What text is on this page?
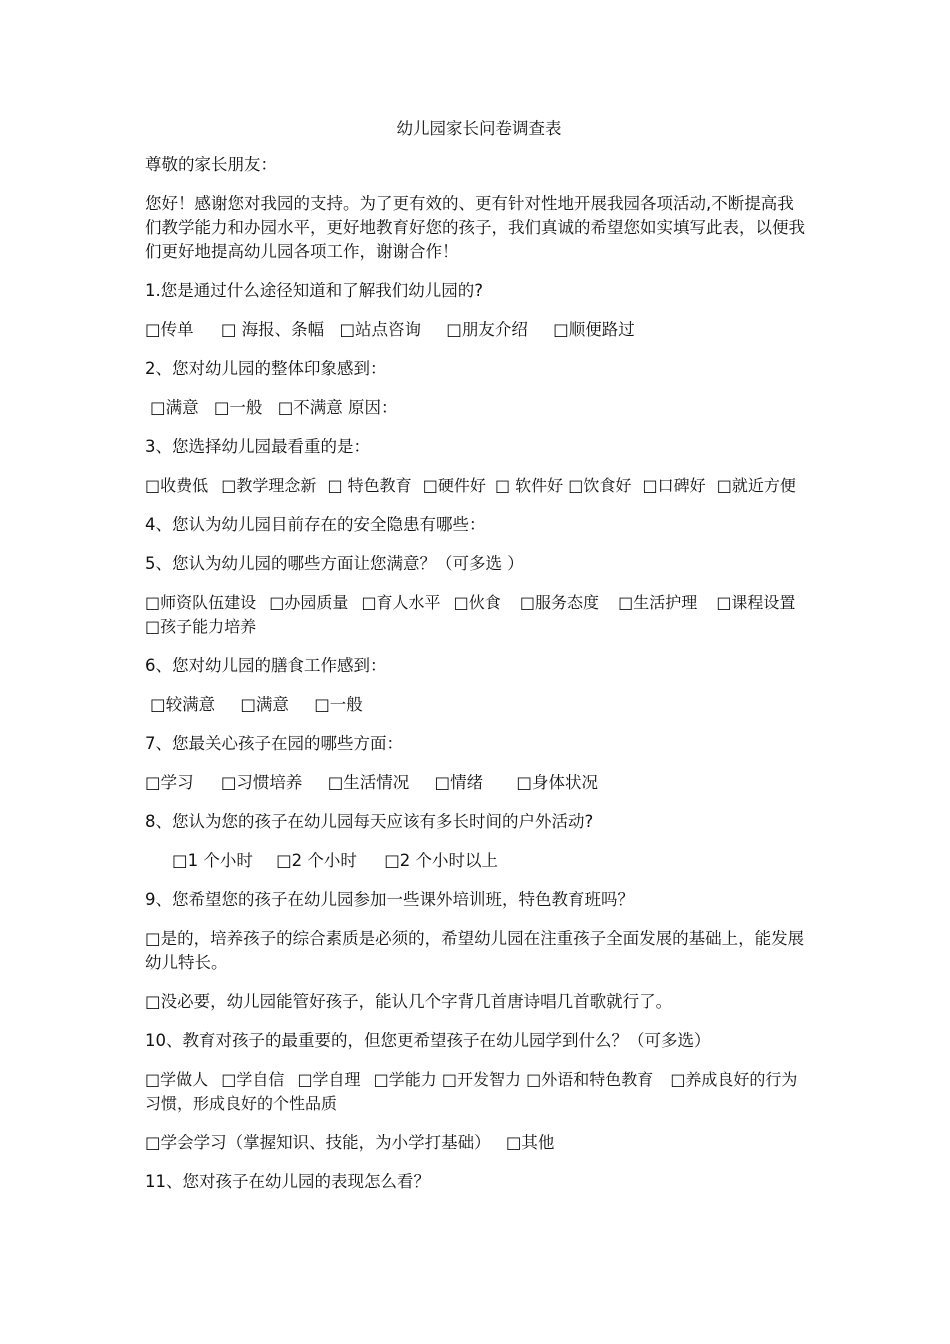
幼儿园家长问卷调查表
尊敬的家长朋友：
您好！感谢您对我园的支持。为了更有效的、更有针对性地开展我园各项活动,不断提高我们教学能力和办园水平，更好地教育好您的孩子，我们真诚的希望您如实填写此表，以便我们更好地提高幼儿园各项工作，谢谢合作！
1.您是通过什么途径知道和了解我们幼儿园的?
□传单 □ 海报、条幅 □站点咨询 □朋友介绍 □顺便路过
2、您对幼儿园的整体印象感到：
□满意 □一般 □不满意 原因：
3、您选择幼儿园最看重的是：
□收费低 □教学理念新 □ 特色教育 □硬件好 □ 软件好 □饮食好 □口碑好 □就近方便
4、您认为幼儿园目前存在的安全隐患有哪些：
5、您认为幼儿园的哪些方面让您满意？（可多选 ）
□师资队伍建设 □办园质量 □育人水平 □伙食 □服务态度 □生活护理 □课程设置 □孩子能力培养
6、您对幼儿园的膳食工作感到：
□较满意 □满意 □一般
7、您最关心孩子在园的哪些方面：
□学习 □习惯培养 □生活情况 □情绪 □身体状况
8、您认为您的孩子在幼儿园每天应该有多长时间的户外活动?
□1 个小时 □2 个小时 □2 个小时以上
9、您希望您的孩子在幼儿园参加一些课外培训班，特色教育班吗？
□是的，培养孩子的综合素质是必须的，希望幼儿园在注重孩子全面发展的基础上，能发展幼儿特长。
□没必要，幼儿园能管好孩子，能认几个字背几首唐诗唱几首歌就行了。
10、教育对孩子的最重要的，但您更希望孩子在幼儿园学到什么？（可多选）
□学做人 □学自信 □学自理 □学能力 □开发智力 □外语和特色教育 □养成良好的行为习惯，形成良好的个性品质
□学会学习（掌握知识、技能，为小学打基础） □其他
11、您对孩子在幼儿园的表现怎么看？
